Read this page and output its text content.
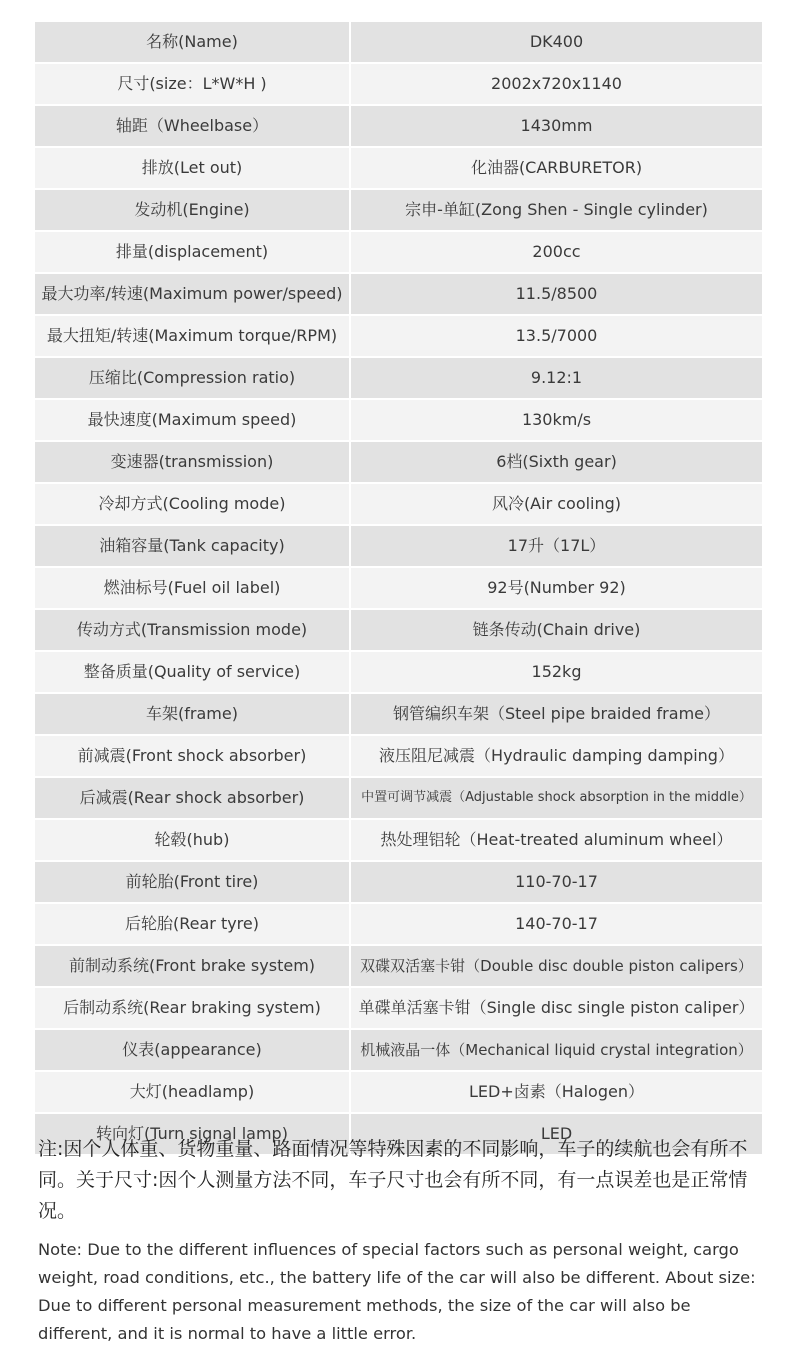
名称(Name)	DK400
尺寸(size：L*W*H )	2002x720x1140
轴距（Wheelbase）	1430mm
排放(Let out)	化油器(CARBURETOR)
发动机(Engine)	宗申-单缸(Zong Shen - Single cylinder)
排量(displacement)	200cc
最大功率/转速(Maximum power/speed)	11.5/8500
最大扭矩/转速(Maximum torque/RPM)	13.5/7000
压缩比(Compression ratio)	9.12:1
最快速度(Maximum speed)	130km/s
变速器(transmission)	6档(Sixth gear)
冷却方式(Cooling mode)	风冷(Air cooling)
油箱容量(Tank capacity)	17升（17L）
燃油标号(Fuel oil label)	92号(Number 92)
传动方式(Transmission mode)	链条传动(Chain drive)
整备质量(Quality of service)	152kg
车架(frame)	钢管编织车架（Steel pipe braided frame）
前减震(Front shock absorber)	液压阻尼减震（Hydraulic damping damping）
后减震(Rear shock absorber)	中置可调节减震（Adjustable shock absorption in the middle）
轮毂(hub)	热处理铝轮（Heat-treated aluminum wheel）
前轮胎(Front tire)	110-70-17
后轮胎(Rear tyre)	140-70-17
前制动系统(Front brake system)	双碟双活塞卡钳（Double disc double piston calipers）
后制动系统(Rear braking system)	单碟单活塞卡钳（Single disc single piston caliper）
仪表(appearance)	机械液晶一体（Mechanical liquid crystal integration）
大灯(headlamp)	LED+卤素（Halogen）
转向灯(Turn signal lamp)	LED

注:因个人体重、货物重量、路面情况等特殊因素的不同影响，车子的续航也会有所不同。关于尺寸:因个人测量方法不同，车子尺寸也会有所不同，有一点误差也是正常情况。

Note: Due to the different influences of special factors such as personal weight, cargo weight, road conditions, etc., the battery life of the car will also be different. About size: Due to different personal measurement methods, the size of the car will also be different, and it is normal to have a little error.
